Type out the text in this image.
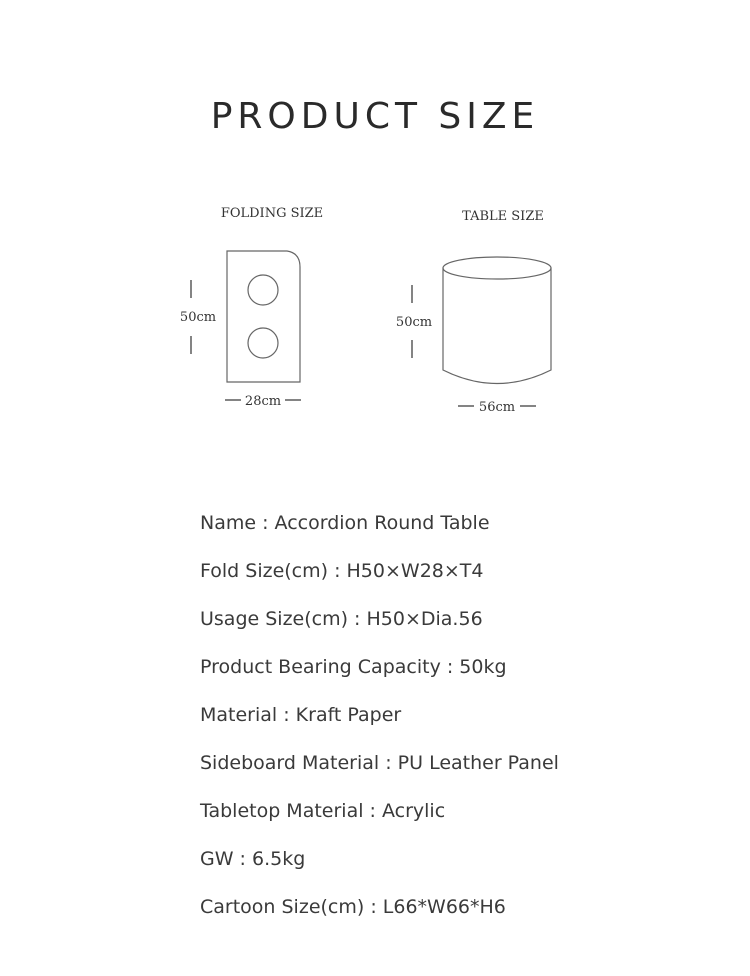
PRODUCT SIZE
FOLDING SIZE
50cm
28cm
TABLE SIZE
50cm
56cm
Name : Accordion Round Table
Fold Size(cm) : H50×W28×T4
Usage Size(cm) : H50×Dia.56
Product Bearing Capacity : 50kg
Material : Kraft Paper
Sideboard Material : PU Leather Panel
Tabletop Material : Acrylic
GW : 6.5kg
Cartoon Size(cm) : L66*W66*H6
